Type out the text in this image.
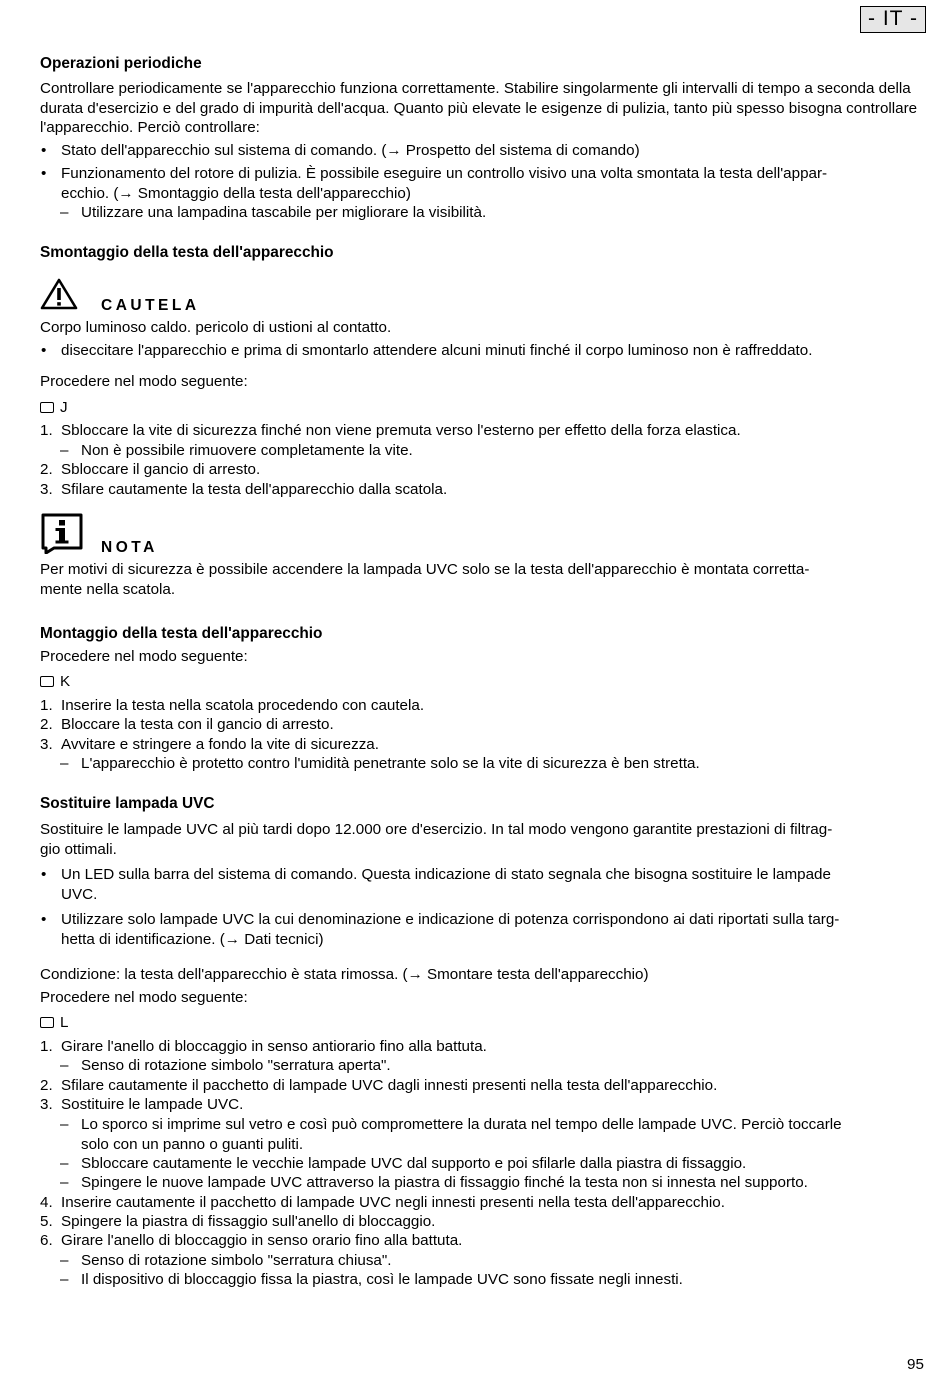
- IT -
Operazioni periodiche
Controllare periodicamente se l'apparecchio funziona correttamente. Stabilire singolarmente gli intervalli di tempo a seconda della durata d'esercizio e del grado di impurità dell'acqua. Quanto più elevate le esigenze di pulizia, tanto più spesso bisogna controllare l'apparecchio. Perciò controllare:
• Stato dell'apparecchio sul sistema di comando. (→ Prospetto del sistema di comando)
• Funzionamento del rotore di pulizia. È possibile eseguire un controllo visivo una volta smontata la testa dell'appar-
ecchio. (→ Smontaggio della testa dell'apparecchio)
– Utilizzare una lampadina tascabile per migliorare la visibilità.
Smontaggio della testa dell'apparecchio
CAUTELA
Corpo luminoso caldo. pericolo di ustioni al contatto.
• diseccitare l'apparecchio e prima di smontarlo attendere alcuni minuti finché il corpo luminoso non è raffreddato.
Procedere nel modo seguente:
J
1. Sbloccare la vite di sicurezza finché non viene premuta verso l'esterno per effetto della forza elastica.
– Non è possibile rimuovere completamente la vite.
2. Sbloccare il gancio di arresto.
3. Sfilare cautamente la testa dell'apparecchio dalla scatola.
NOTA
Per motivi di sicurezza è possibile accendere la lampada UVC solo se la testa dell'apparecchio è montata corretta-
mente nella scatola.
Montaggio della testa dell'apparecchio
Procedere nel modo seguente:
K
1. Inserire la testa nella scatola procedendo con cautela.
2. Bloccare la testa con il gancio di arresto.
3. Avvitare e stringere a fondo la vite di sicurezza.
– L'apparecchio è protetto contro l'umidità penetrante solo se la vite di sicurezza è ben stretta.
Sostituire lampada UVC
Sostituire le lampade UVC al più tardi dopo 12.000 ore d'esercizio. In tal modo vengono garantite prestazioni di filtrag-
gio ottimali.
• Un LED sulla barra del sistema di comando. Questa indicazione di stato segnala che bisogna sostituire le lampade
UVC.
• Utilizzare solo lampade UVC la cui denominazione e indicazione di potenza corrispondono ai dati riportati sulla targ-
hetta di identificazione. (→ Dati tecnici)
Condizione: la testa dell'apparecchio è stata rimossa. (→ Smontare testa dell'apparecchio)
Procedere nel modo seguente:
L
1. Girare l'anello di bloccaggio in senso antiorario fino alla battuta.
– Senso di rotazione simbolo "serratura aperta".
2. Sfilare cautamente il pacchetto di lampade UVC dagli innesti presenti nella testa dell'apparecchio.
3. Sostituire le lampade UVC.
– Lo sporco si imprime sul vetro e così può compromettere la durata nel tempo delle lampade UVC. Perciò toccarle
solo con un panno o guanti puliti.
– Sbloccare cautamente le vecchie lampade UVC dal supporto e poi sfilarle dalla piastra di fissaggio.
– Spingere le nuove lampade UVC attraverso la piastra di fissaggio finché la testa non si innesta nel supporto.
4. Inserire cautamente il pacchetto di lampade UVC negli innesti presenti nella testa dell'apparecchio.
5. Spingere la piastra di fissaggio sull'anello di bloccaggio.
6. Girare l'anello di bloccaggio in senso orario fino alla battuta.
– Senso di rotazione simbolo "serratura chiusa".
– Il dispositivo di bloccaggio fissa la piastra, così le lampade UVC sono fissate negli innesti.
95
